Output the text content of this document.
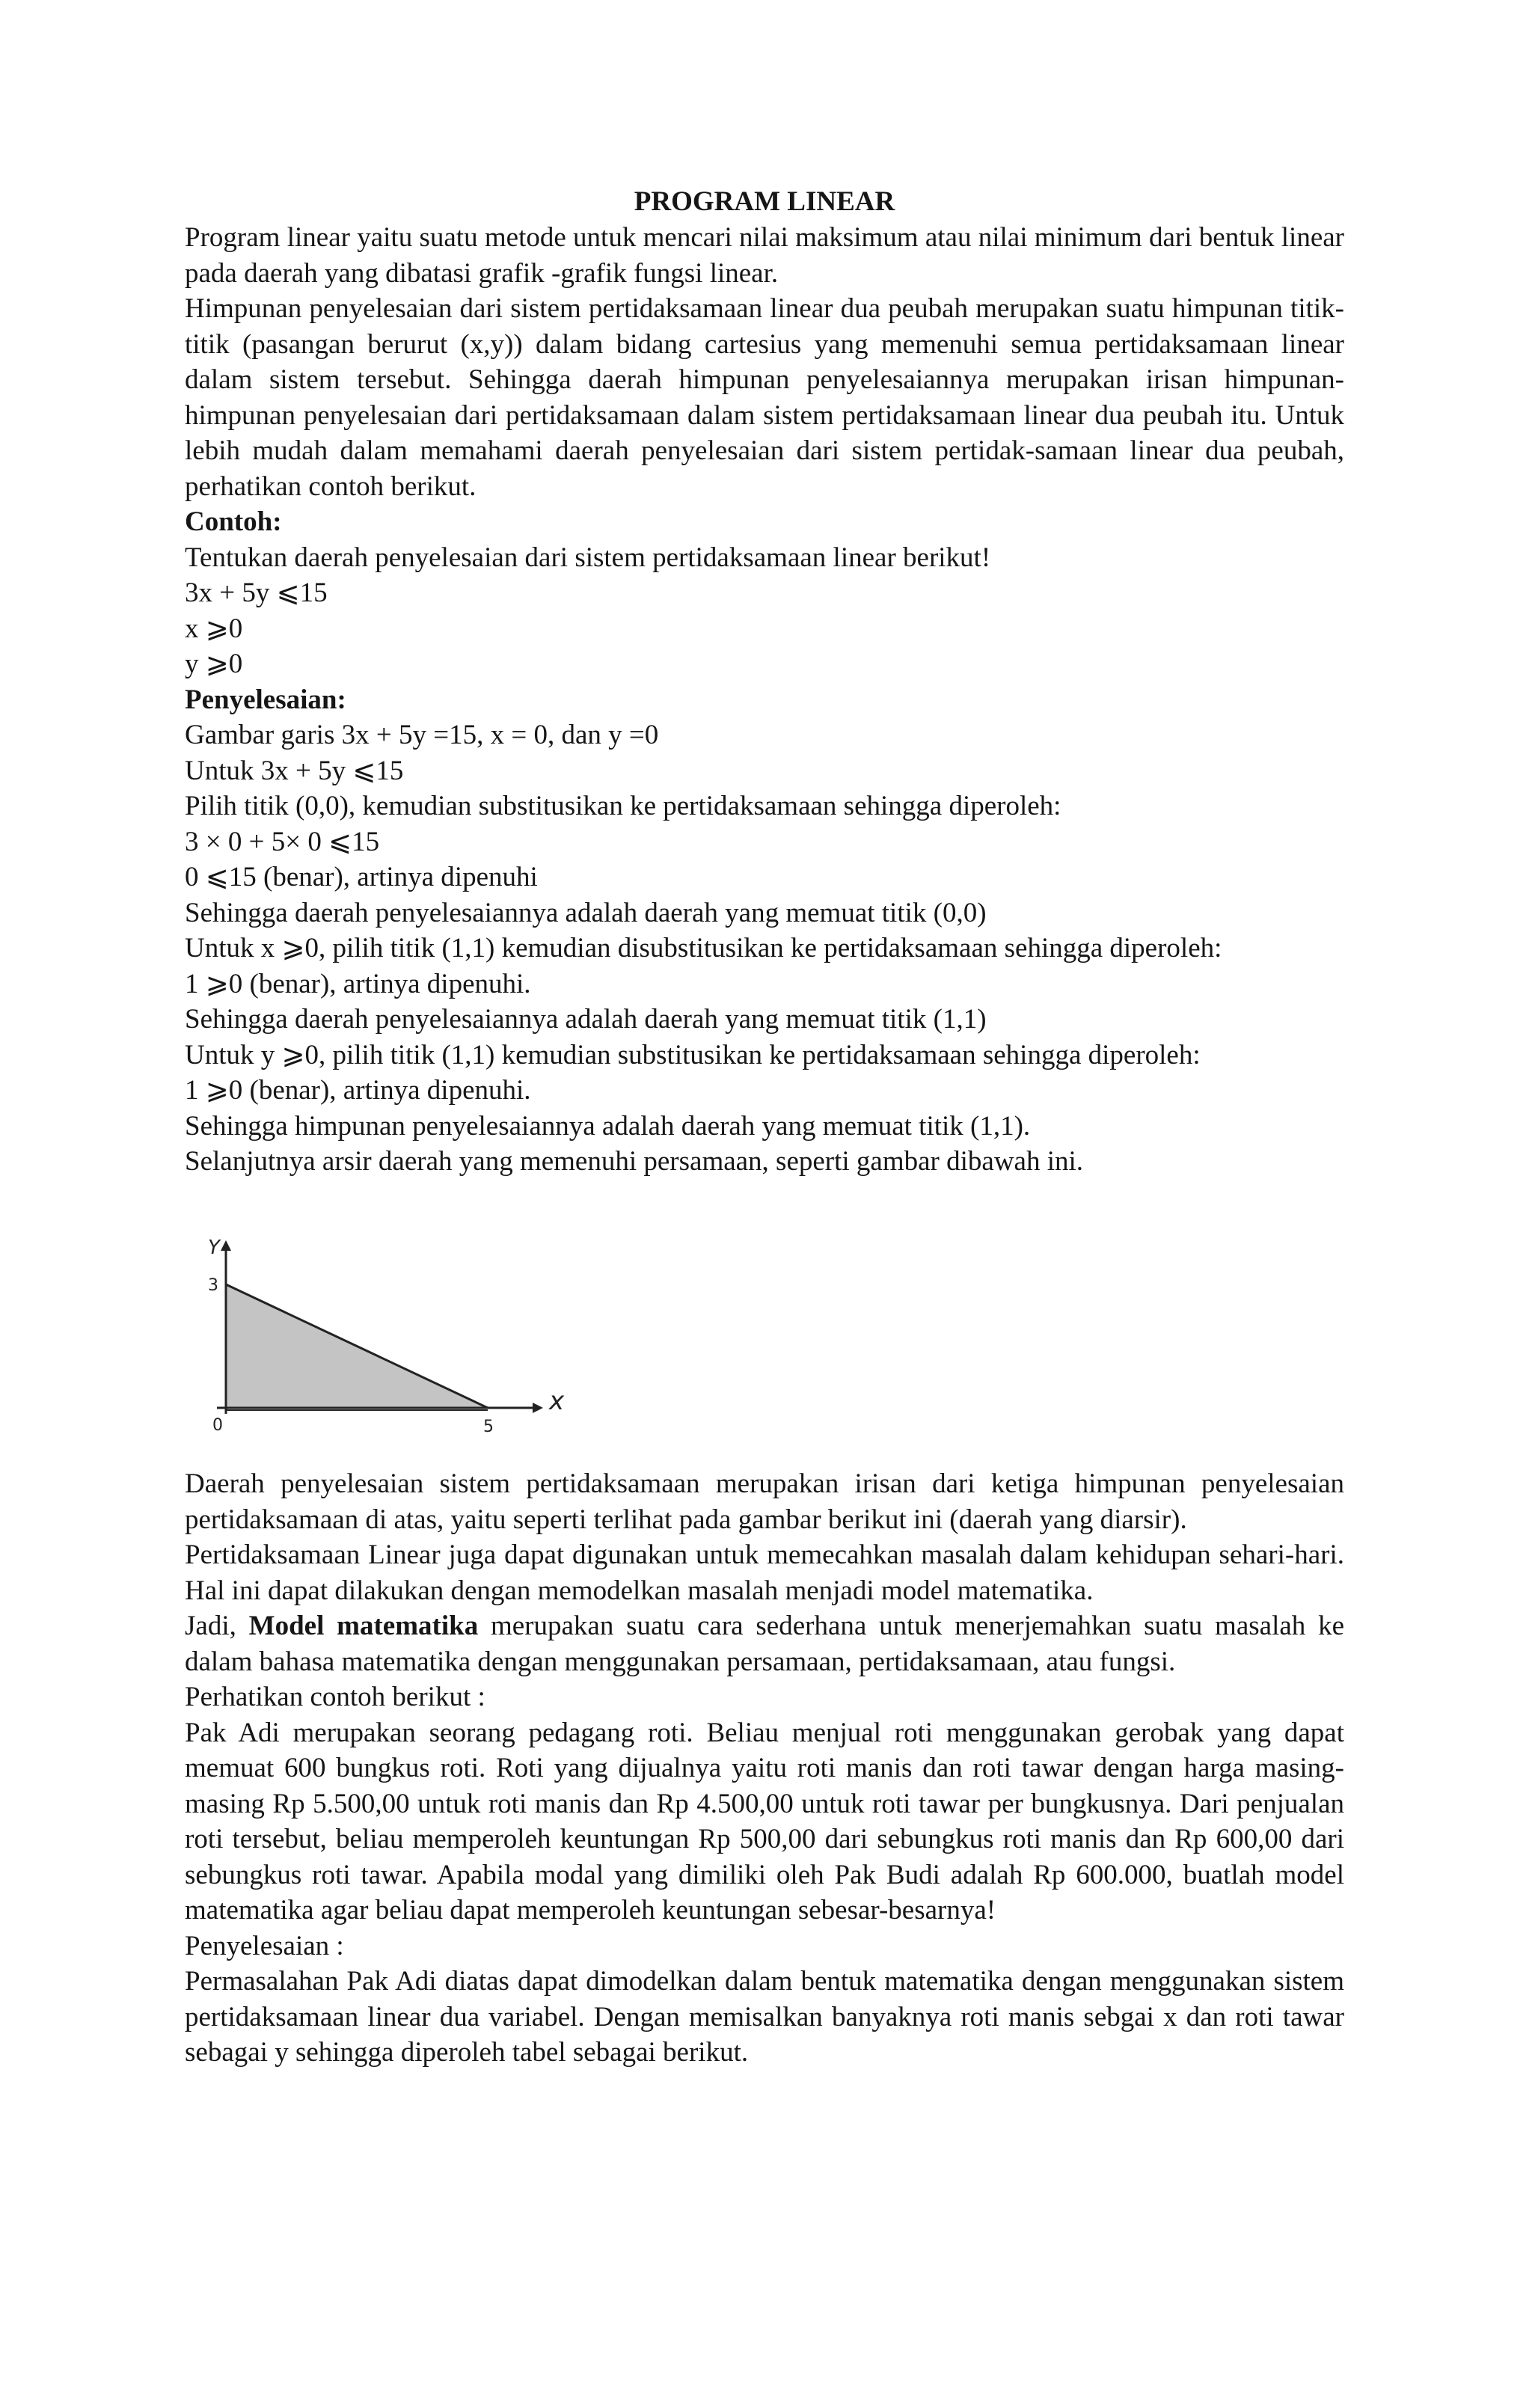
PROGRAM LINEAR

Program linear yaitu suatu metode untuk mencari nilai maksimum atau nilai minimum dari bentuk linear pada daerah yang dibatasi grafik -grafik fungsi linear.

Himpunan penyelesaian dari sistem pertidaksamaan linear dua peubah merupakan suatu himpunan titik-titik (pasangan berurut (x,y)) dalam bidang cartesius yang memenuhi semua pertidaksamaan linear dalam sistem tersebut. Sehingga daerah himpunan penyelesaiannya merupakan irisan himpunan-himpunan penyelesaian dari pertidaksamaan dalam sistem pertidaksamaan linear dua peubah itu. Untuk lebih mudah dalam memahami daerah penyelesaian dari sistem pertidak-samaan linear dua peubah, perhatikan contoh berikut.

Contoh:

Tentukan daerah penyelesaian dari sistem pertidaksamaan linear berikut!

3x + 5y ⩽15

x ⩾0

y ⩾0

Penyelesaian:

Gambar garis 3x + 5y =15, x = 0, dan y =0

Untuk 3x + 5y ⩽15

Pilih titik (0,0), kemudian substitusikan ke pertidaksamaan sehingga diperoleh:

3 × 0 + 5× 0 ⩽15

0 ⩽15 (benar), artinya dipenuhi

Sehingga daerah penyelesaiannya adalah daerah yang memuat titik (0,0)

Untuk x ⩾0, pilih titik (1,1) kemudian disubstitusikan ke pertidaksamaan sehingga diperoleh:

1 ⩾0 (benar), artinya dipenuhi.

Sehingga daerah penyelesaiannya adalah daerah yang memuat titik (1,1)

Untuk y ⩾0, pilih titik (1,1) kemudian substitusikan ke pertidaksamaan sehingga diperoleh:

1 ⩾0 (benar), artinya dipenuhi.

Sehingga himpunan penyelesaiannya adalah daerah yang memuat titik (1,1).

Selanjutnya arsir daerah yang memenuhi persamaan, seperti gambar dibawah ini.

Y
x
0
3
5

Daerah penyelesaian sistem pertidaksamaan merupakan irisan dari ketiga himpunan penyelesaian pertidaksamaan di atas, yaitu seperti terlihat pada gambar berikut ini (daerah yang diarsir).

Pertidaksamaan Linear juga dapat digunakan untuk memecahkan masalah dalam kehidupan sehari-hari. Hal ini dapat dilakukan dengan memodelkan masalah menjadi model matematika.

Jadi, Model matematika merupakan suatu cara sederhana untuk menerjemahkan suatu masalah ke dalam bahasa matematika dengan menggunakan persamaan, pertidaksamaan, atau fungsi.

Perhatikan contoh berikut :

Pak Adi merupakan seorang pedagang roti. Beliau menjual roti menggunakan gerobak yang dapat memuat 600 bungkus roti. Roti yang dijualnya yaitu roti manis dan roti tawar dengan harga masing-masing Rp 5.500,00 untuk roti manis dan Rp 4.500,00 untuk roti tawar per bungkusnya. Dari penjualan roti tersebut, beliau memperoleh keuntungan Rp 500,00 dari sebungkus roti manis dan Rp 600,00 dari sebungkus roti tawar. Apabila modal yang dimiliki oleh Pak Budi adalah Rp 600.000, buatlah model matematika agar beliau dapat memperoleh keuntungan sebesar-besarnya!

Penyelesaian :

Permasalahan Pak Adi diatas dapat dimodelkan dalam bentuk matematika dengan menggunakan sistem pertidaksamaan linear dua variabel. Dengan memisalkan banyaknya roti manis sebgai x dan roti tawar sebagai y sehingga diperoleh tabel sebagai berikut.
